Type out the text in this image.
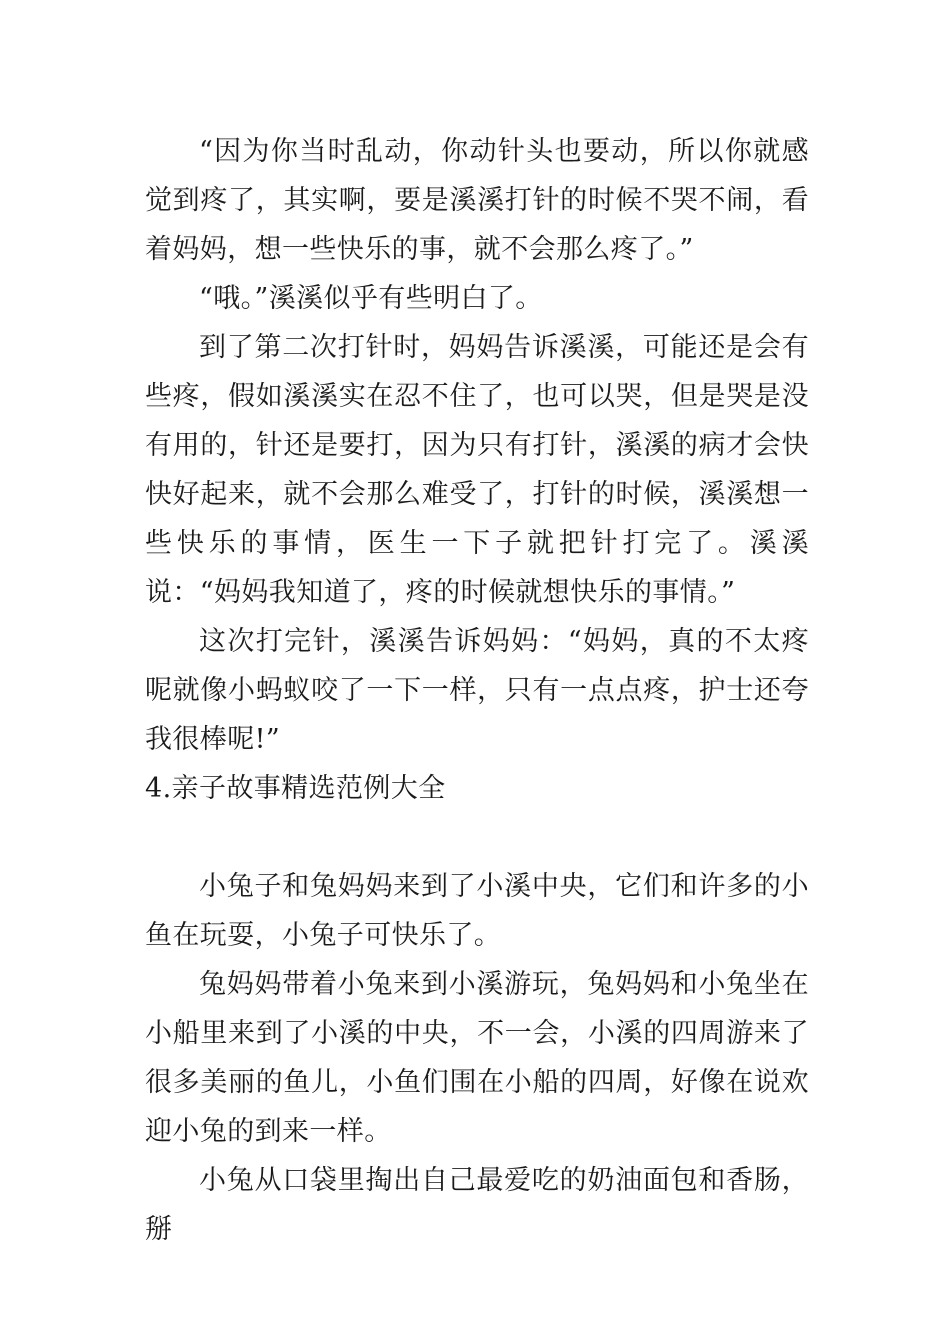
“因为你当时乱动，你动针头也要动，所以你就感觉到疼了，其实啊，要是溪溪打针的时候不哭不闹，看着妈妈，想一些快乐的事，就不会那么疼了。”

“哦。”溪溪似乎有些明白了。

到了第二次打针时，妈妈告诉溪溪，可能还是会有些疼，假如溪溪实在忍不住了，也可以哭，但是哭是没有用的，针还是要打，因为只有打针，溪溪的病才会快快好起来，就不会那么难受了，打针的时候，溪溪想一些快乐的事情，医生一下子就把针打完了。溪溪说：“妈妈我知道了，疼的时候就想快乐的事情。”

这次打完针，溪溪告诉妈妈：“妈妈，真的不太疼呢就像小蚂蚁咬了一下一样，只有一点点疼，护士还夸我很棒呢!”

4.亲子故事精选范例大全

小兔子和兔妈妈来到了小溪中央，它们和许多的小鱼在玩耍，小兔子可快乐了。

兔妈妈带着小兔来到小溪游玩，兔妈妈和小兔坐在小船里来到了小溪的中央，不一会，小溪的四周游来了很多美丽的鱼儿，小鱼们围在小船的四周，好像在说欢迎小兔的到来一样。

小兔从口袋里掏出自己最爱吃的奶油面包和香肠，掰
